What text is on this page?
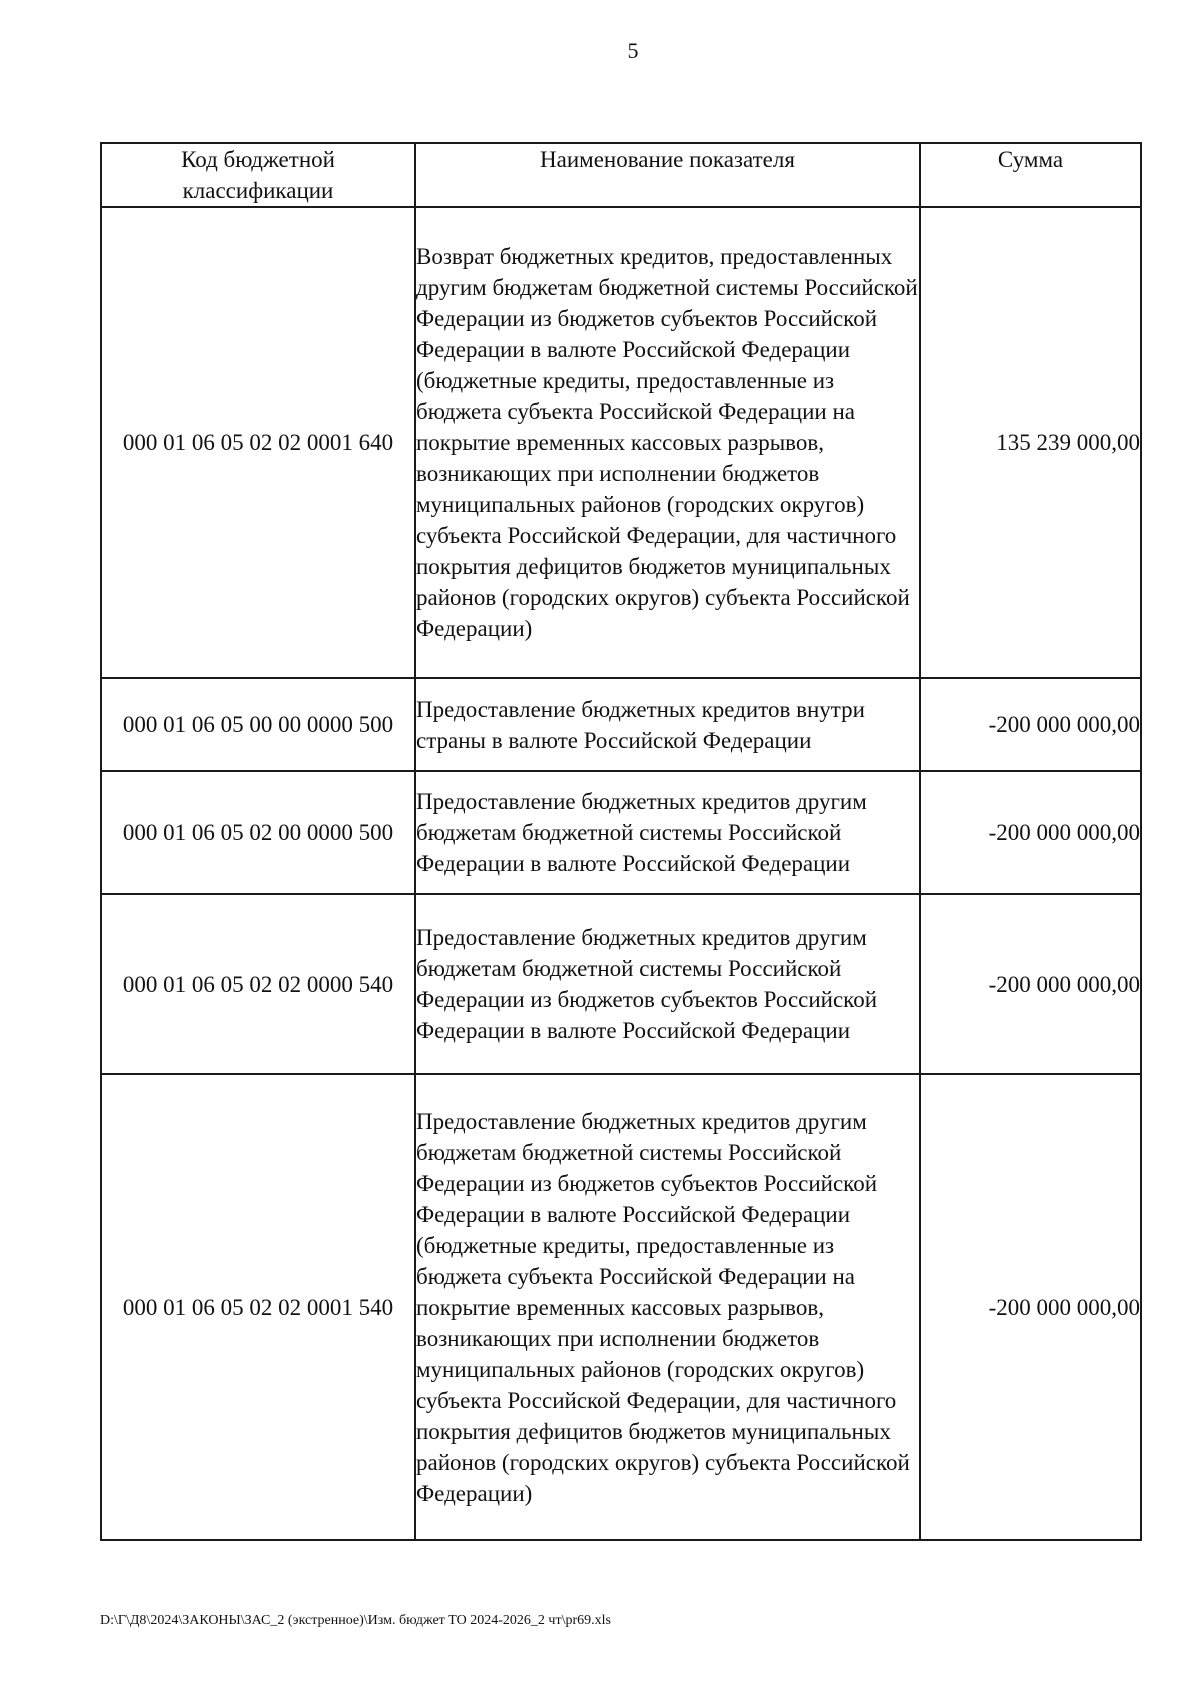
5
Код бюджетной классификации	Наименование показателя	Сумма
000 01 06 05 02 02 0001 640	Возврат бюджетных кредитов, предоставленных другим бюджетам бюджетной системы Российской Федерации из бюджетов субъектов Российской Федерации в валюте Российской Федерации (бюджетные кредиты, предоставленные из бюджета субъекта Российской Федерации на покрытие временных кассовых разрывов, возникающих при исполнении бюджетов муниципальных районов (городских округов) субъекта Российской Федерации, для частичного покрытия дефицитов бюджетов муниципальных районов (городских округов) субъекта Российской Федерации)	135 239 000,00
000 01 06 05 00 00 0000 500	Предоставление бюджетных кредитов внутри страны в валюте Российской Федерации	-200 000 000,00
000 01 06 05 02 00 0000 500	Предоставление бюджетных кредитов другим бюджетам бюджетной системы Российской Федерации в валюте Российской Федерации	-200 000 000,00
000 01 06 05 02 02 0000 540	Предоставление бюджетных кредитов другим бюджетам бюджетной системы Российской Федерации из бюджетов субъектов Российской Федерации в валюте Российской Федерации	-200 000 000,00
000 01 06 05 02 02 0001 540	Предоставление бюджетных кредитов другим бюджетам бюджетной системы Российской Федерации из бюджетов субъектов Российской Федерации в валюте Российской Федерации (бюджетные кредиты, предоставленные из бюджета субъекта Российской Федерации на покрытие временных кассовых разрывов, возникающих при исполнении бюджетов муниципальных районов (городских округов) субъекта Российской Федерации, для частичного покрытия дефицитов бюджетов муниципальных районов (городских округов) субъекта Российской Федерации)	-200 000 000,00
D:\Г\Д8\2024\ЗАКОНЫ\ЗАС_2 (экстренное)\Изм. бюджет ТО 2024-2026_2 чт\pr69.xls
